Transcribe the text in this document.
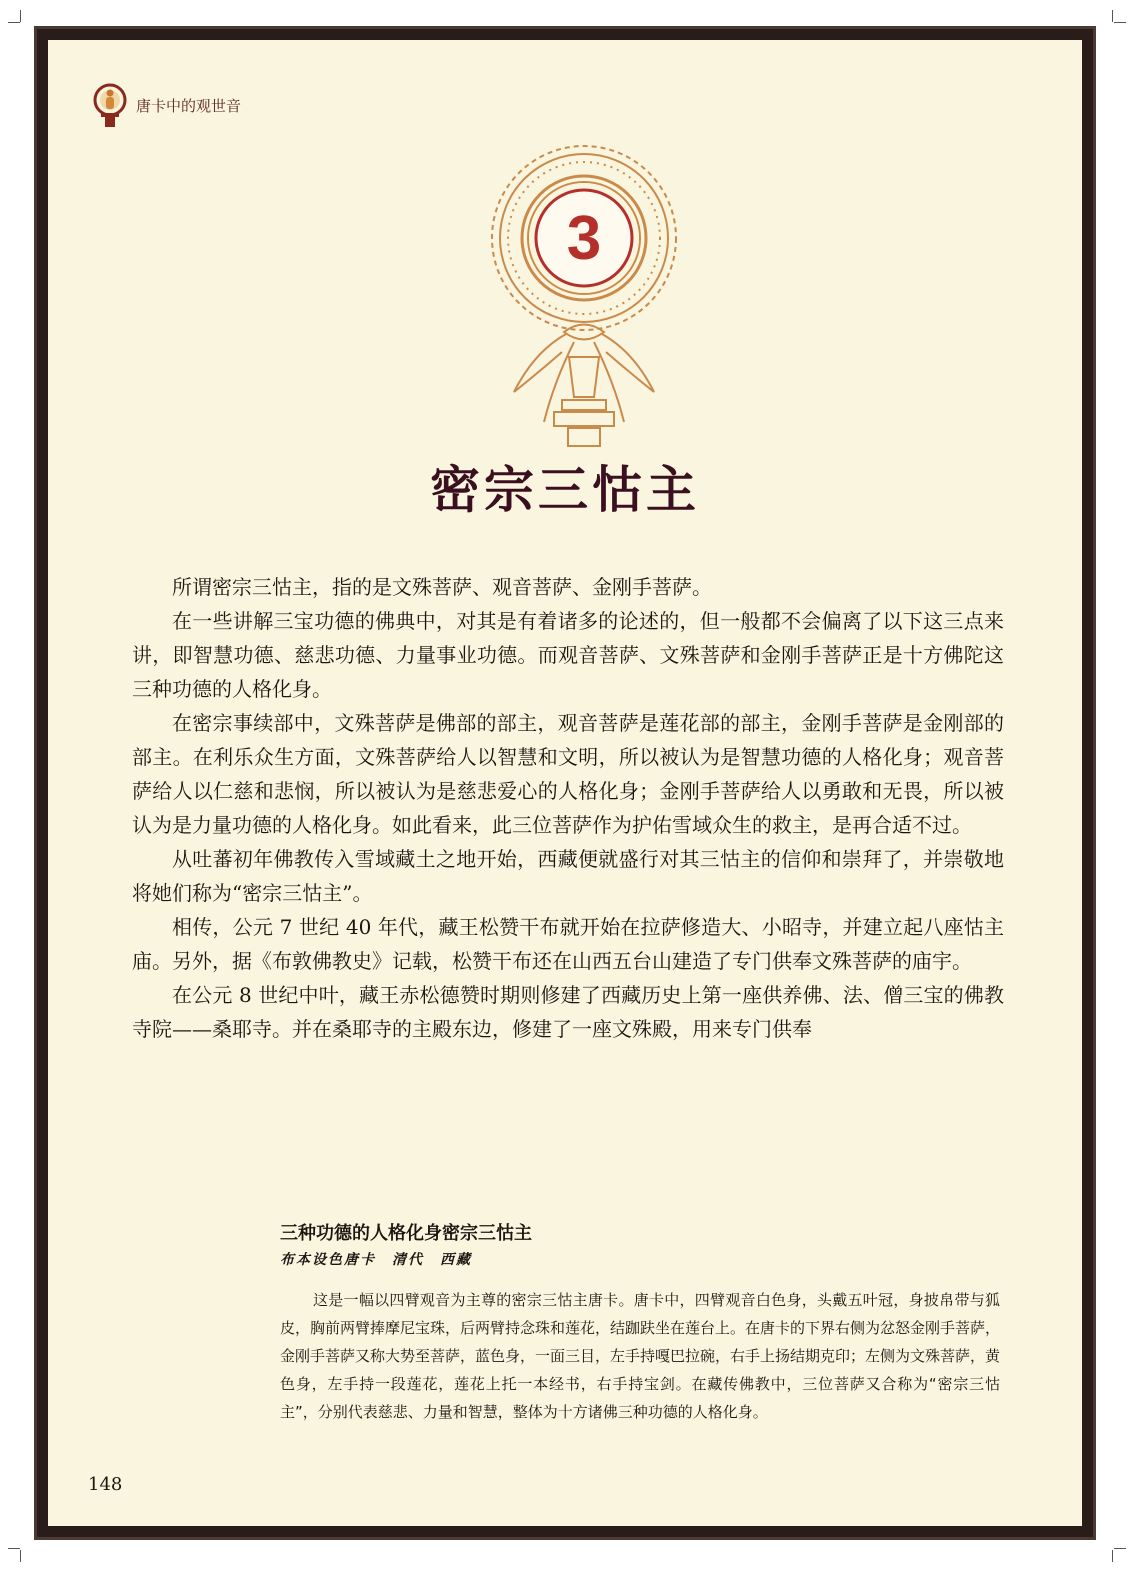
唐卡中的观世音
3
密宗三怙主

所谓密宗三怙主，指的是文殊菩萨、观音菩萨、金刚手菩萨。

在一些讲解三宝功德的佛典中，对其是有着诸多的论述的，但一般都不会偏离了以下这三点来讲，即智慧功德、慈悲功德、力量事业功德。而观音菩萨、文殊菩萨和金刚手菩萨正是十方佛陀这三种功德的人格化身。

在密宗事续部中，文殊菩萨是佛部的部主，观音菩萨是莲花部的部主，金刚手菩萨是金刚部的部主。在利乐众生方面，文殊菩萨给人以智慧和文明，所以被认为是智慧功德的人格化身；观音菩萨给人以仁慈和悲悯，所以被认为是慈悲爱心的人格化身；金刚手菩萨给人以勇敢和无畏，所以被认为是力量功德的人格化身。如此看来，此三位菩萨作为护佑雪域众生的救主，是再合适不过。

从吐蕃初年佛教传入雪域藏土之地开始，西藏便就盛行对其三怙主的信仰和崇拜了，并崇敬地将她们称为“密宗三怙主”。

相传，公元 7 世纪 40 年代，藏王松赞干布就开始在拉萨修造大、小昭寺，并建立起八座怙主庙。另外，据《布敦佛教史》记载，松赞干布还在山西五台山建造了专门供奉文殊菩萨的庙宇。

在公元 8 世纪中叶，藏王赤松德赞时期则修建了西藏历史上第一座供养佛、法、僧三宝的佛教寺院——桑耶寺。并在桑耶寺的主殿东边，修建了一座文殊殿，用来专门供奉

三种功德的人格化身密宗三怙主
布本设色唐卡　清代　西藏
这是一幅以四臂观音为主尊的密宗三怙主唐卡。唐卡中，四臂观音白色身，头戴五叶冠，身披帛带与狐皮，胸前两臂捧摩尼宝珠，后两臂持念珠和莲花，结跏趺坐在莲台上。在唐卡的下界右侧为忿怒金刚手菩萨，金刚手菩萨又称大势至菩萨，蓝色身，一面三目，左手持嘎巴拉碗，右手上扬结期克印；左侧为文殊菩萨，黄色身，左手持一段莲花，莲花上托一本经书，右手持宝剑。在藏传佛教中，三位菩萨又合称为“密宗三怙主”，分别代表慈悲、力量和智慧，整体为十方诸佛三种功德的人格化身。
148
